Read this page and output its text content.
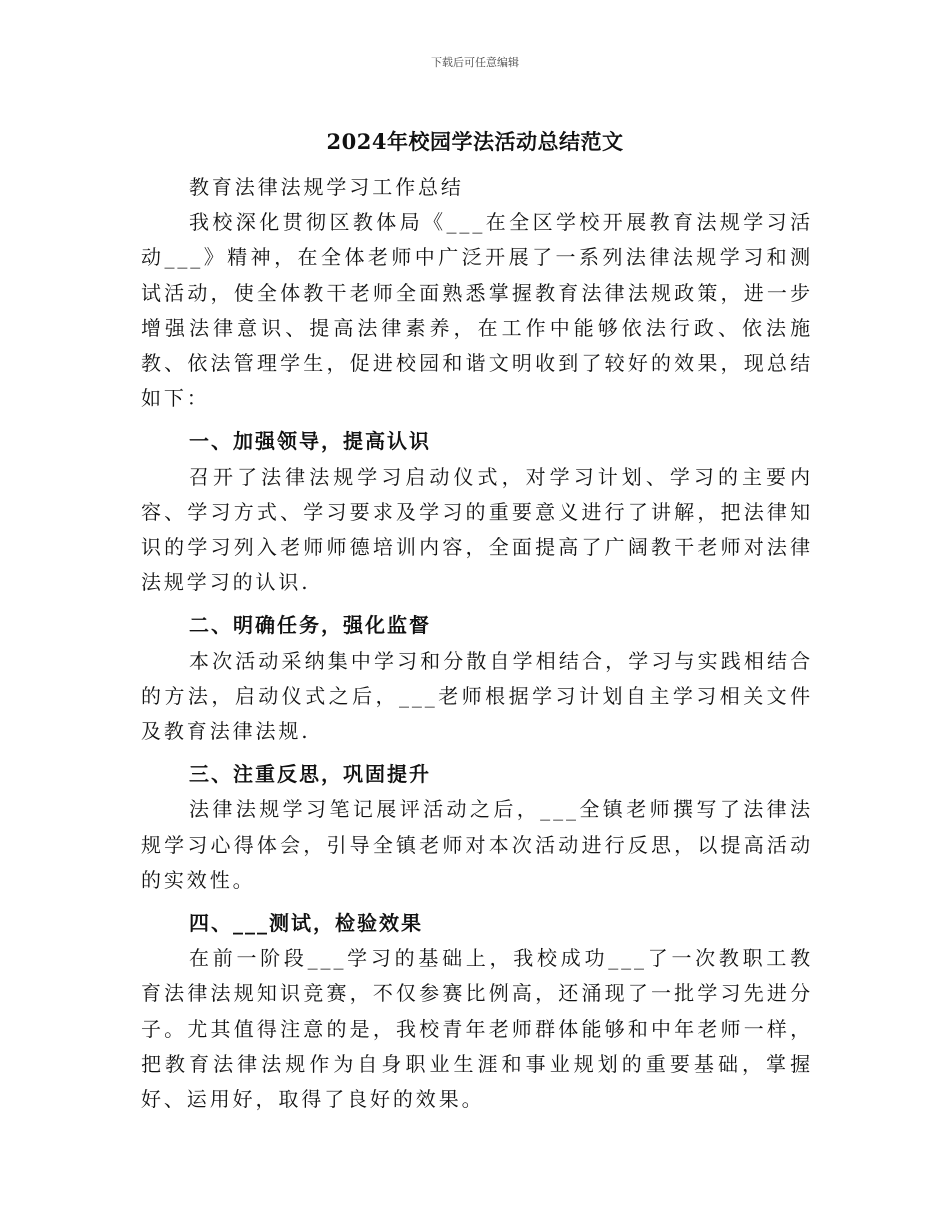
下载后可任意编辑
2024年校园学法活动总结范文

教育法律法规学习工作总结

我校深化贯彻区教体局《___在全区学校开展教育法规学习活动___》精神，在全体老师中广泛开展了一系列法律法规学习和测试活动，使全体教干老师全面熟悉掌握教育法律法规政策，进一步增强法律意识、提高法律素养，在工作中能够依法行政、依法施教、依法管理学生，促进校园和谐文明收到了较好的效果，现总结如下：

一、加强领导，提高认识

召开了法律法规学习启动仪式，对学习计划、学习的主要内容、学习方式、学习要求及学习的重要意义进行了讲解，把法律知识的学习列入老师师德培训内容，全面提高了广阔教干老师对法律法规学习的认识.

二、明确任务，强化监督

本次活动采纳集中学习和分散自学相结合，学习与实践相结合的方法，启动仪式之后，___老师根据学习计划自主学习相关文件及教育法律法规.

三、注重反思，巩固提升

法律法规学习笔记展评活动之后，___全镇老师撰写了法律法规学习心得体会，引导全镇老师对本次活动进行反思，以提高活动的实效性。

四、___测试，检验效果

在前一阶段___学习的基础上，我校成功___了一次教职工教育法律法规知识竞赛，不仅参赛比例高，还涌现了一批学习先进分子。尤其值得注意的是，我校青年老师群体能够和中年老师一样，把教育法律法规作为自身职业生涯和事业规划的重要基础，掌握好、运用好，取得了良好的效果。
